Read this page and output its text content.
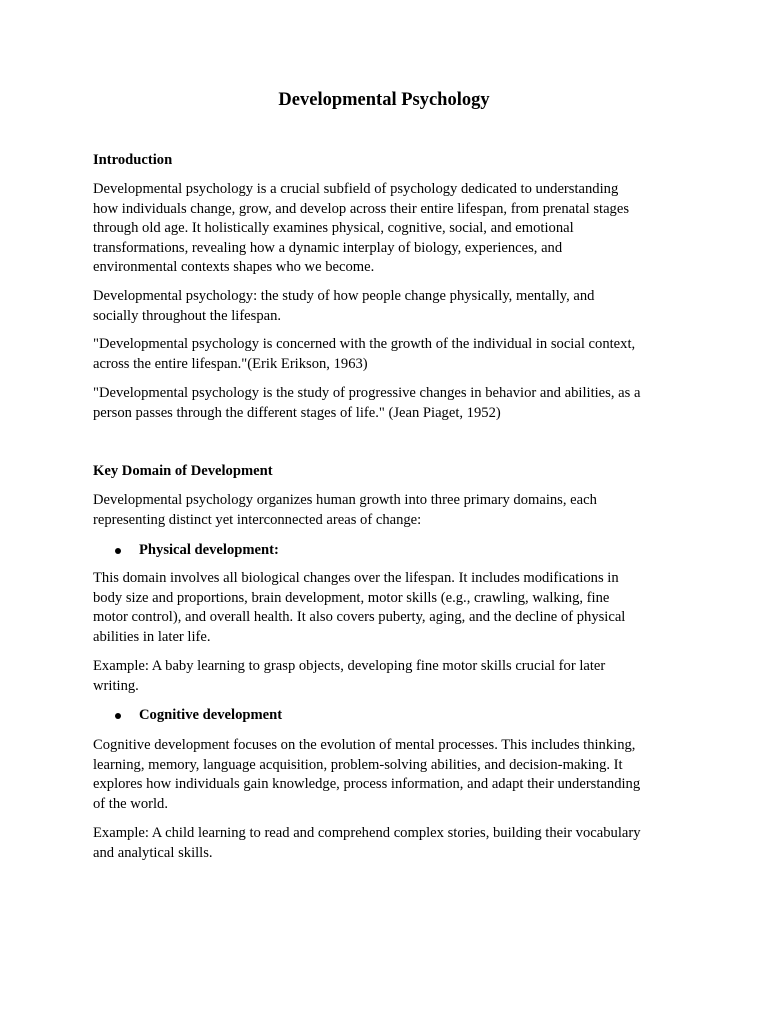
Developmental Psychology

Introduction

Developmental psychology is a crucial subfield of psychology dedicated to understanding
how individuals change, grow, and develop across their entire lifespan, from prenatal stages
through old age. It holistically examines physical, cognitive, social, and emotional
transformations, revealing how a dynamic interplay of biology, experiences, and
environmental contexts shapes who we become.

Developmental psychology: the study of how people change physically, mentally, and
socially throughout the lifespan.

"Developmental psychology is concerned with the growth of the individual in social context,
across the entire lifespan."(Erik Erikson, 1963)

"Developmental psychology is the study of progressive changes in behavior and abilities, as a
person passes through the different stages of life." (Jean Piaget, 1952)

Key Domain of Development

Developmental psychology organizes human growth into three primary domains, each
representing distinct yet interconnected areas of change:

Physical development:

This domain involves all biological changes over the lifespan. It includes modifications in
body size and proportions, brain development, motor skills (e.g., crawling, walking, fine
motor control), and overall health. It also covers puberty, aging, and the decline of physical
abilities in later life.

Example: A baby learning to grasp objects, developing fine motor skills crucial for later
writing.

Cognitive development

Cognitive development focuses on the evolution of mental processes. This includes thinking,
learning, memory, language acquisition, problem-solving abilities, and decision-making. It
explores how individuals gain knowledge, process information, and adapt their understanding
of the world.

Example: A child learning to read and comprehend complex stories, building their vocabulary
and analytical skills.
